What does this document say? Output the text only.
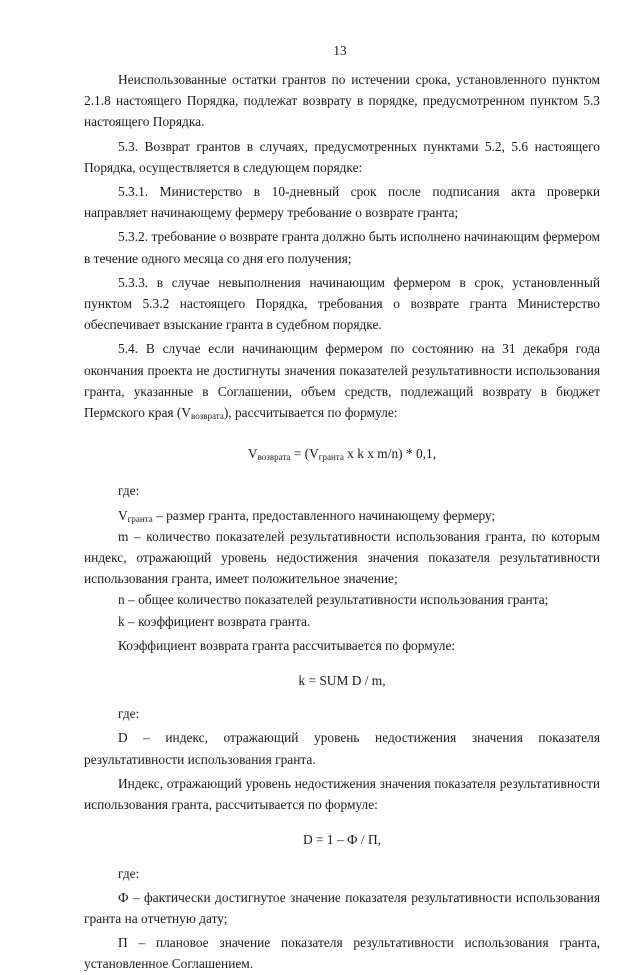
13

Неиспользованные остатки грантов по истечении срока, установленного пунктом 2.1.8 настоящего Порядка, подлежат возврату в порядке, предусмотренном пунктом 5.3 настоящего Порядка.

5.3. Возврат грантов в случаях, предусмотренных пунктами 5.2, 5.6 настоящего Порядка, осуществляется в следующем порядке:

5.3.1. Министерство в 10-дневный срок после подписания акта проверки направляет начинающему фермеру требование о возврате гранта;

5.3.2. требование о возврате гранта должно быть исполнено начинающим фермером в течение одного месяца со дня его получения;

5.3.3. в случае невыполнения начинающим фермером в срок, установленный пунктом 5.3.2 настоящего Порядка, требования о возврате гранта Министерство обеспечивает взыскание гранта в судебном порядке.

5.4. В случае если начинающим фермером по состоянию на 31 декабря года окончания проекта не достигнуты значения показателей результативности использования гранта, указанные в Соглашении, объем средств, подлежащий возврату в бюджет Пермского края $(V_{возврата})$, рассчитывается по формуле:

$V_{возврата} = (V_{гранта}$ x k x m/n) * 0,1,
где:

$V_{гранта}$ – размер гранта, предоставленного начинающему фермеру;

m – количество показателей результативности использования гранта, по которым индекс, отражающий уровень недостижения значения показателя результативности использования гранта, имеет положительное значение;

n – общее количество показателей результативности использования гранта;

k – коэффициент возврата гранта.

Коэффициент возврата гранта рассчитывается по формуле:

k = SUM D / m,
где:

D – индекс, отражающий уровень недостижения значения показателя результативности использования гранта.

Индекс, отражающий уровень недостижения значения показателя результативности использования гранта, рассчитывается по формуле:

D = 1 – Ф / П,
где:

Ф – фактически достигнутое значение показателя результативности использования гранта на отчетную дату;

П – плановое значение показателя результативности использования гранта, установленное Соглашением.
